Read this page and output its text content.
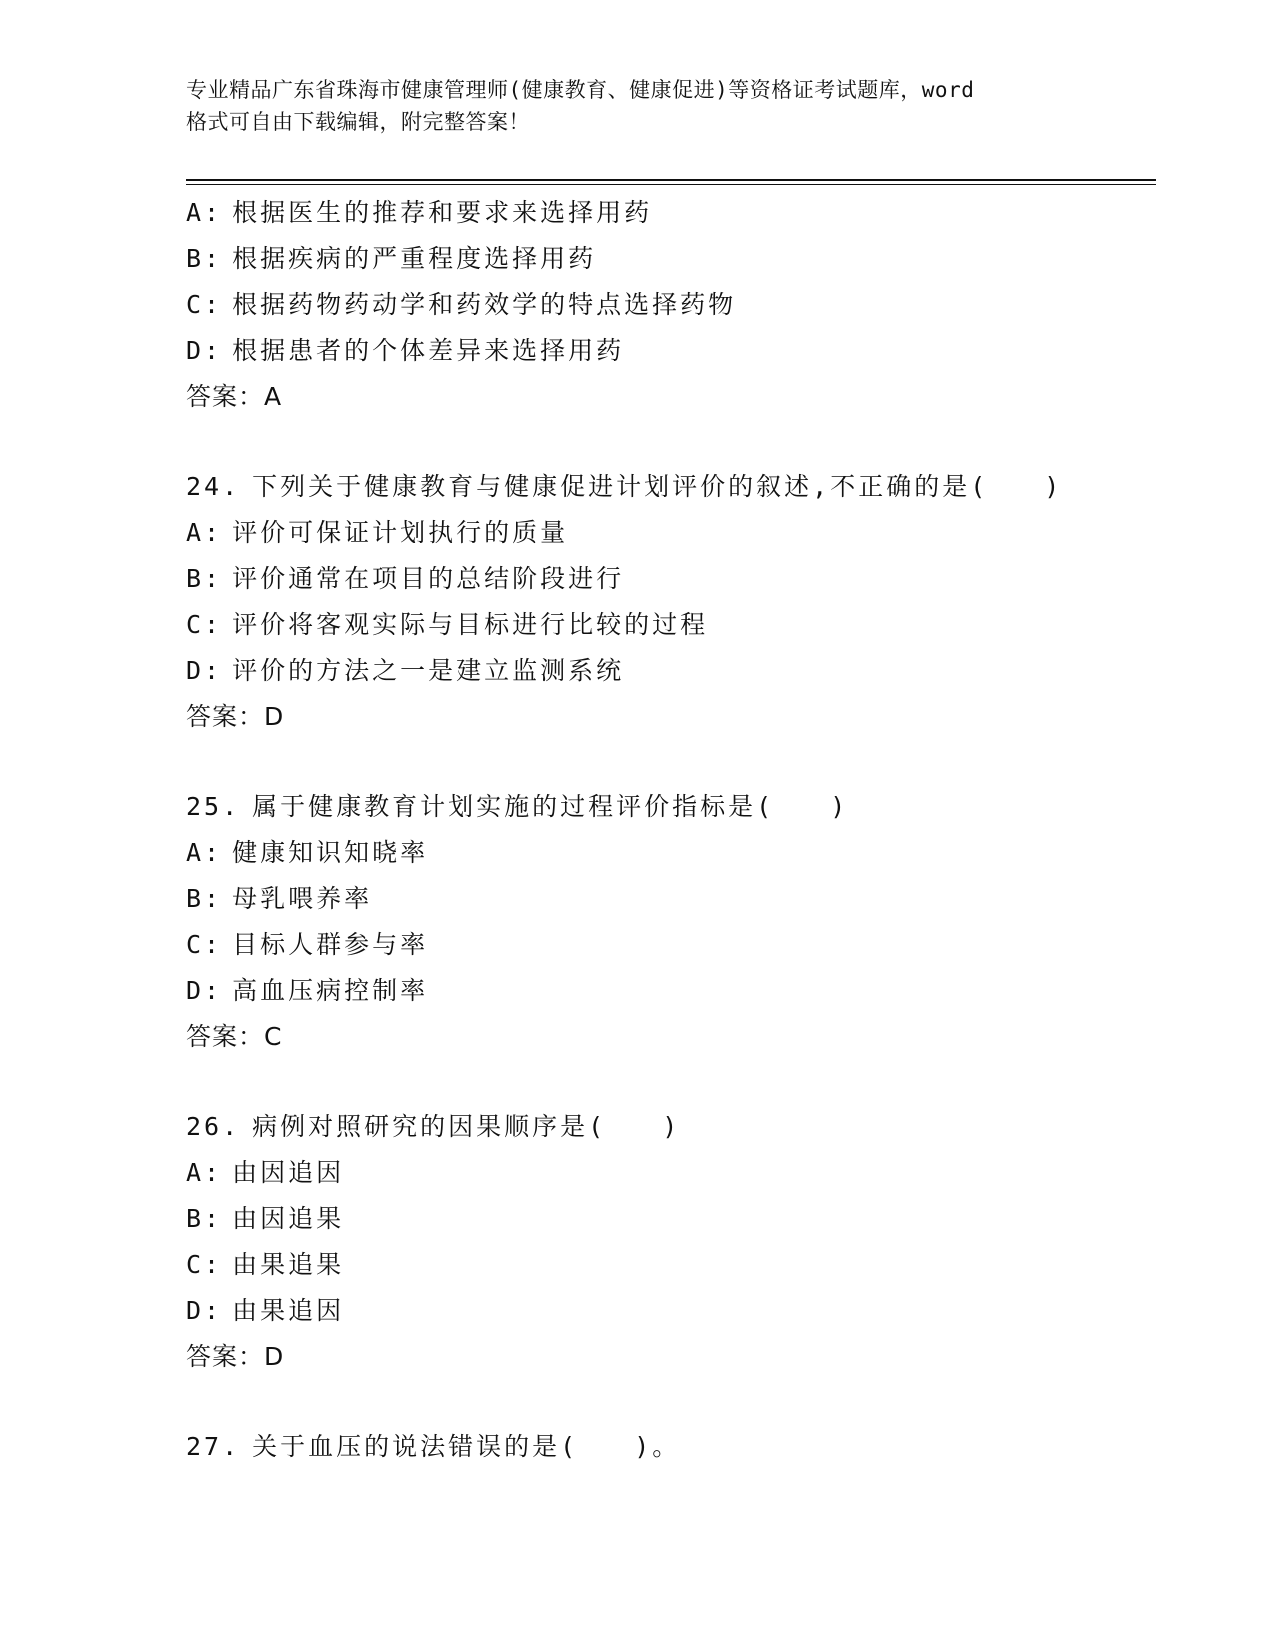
专业精品广东省珠海市健康管理师(健康教育、健康促进)等资格证考试题库，word
格式可自由下载编辑，附完整答案！
A: 根据医生的推荐和要求来选择用药
B: 根据疾病的严重程度选择用药
C: 根据药物药动学和药效学的特点选择药物
D: 根据患者的个体差异来选择用药
答案：A
24. 下列关于健康教育与健康促进计划评价的叙述,不正确的是(　　)
A: 评价可保证计划执行的质量
B: 评价通常在项目的总结阶段进行
C: 评价将客观实际与目标进行比较的过程
D: 评价的方法之一是建立监测系统
答案：D
25. 属于健康教育计划实施的过程评价指标是(　　)
A: 健康知识知晓率
B: 母乳喂养率
C: 目标人群参与率
D: 高血压病控制率
答案：C
26. 病例对照研究的因果顺序是(　　)
A: 由因追因
B: 由因追果
C: 由果追果
D: 由果追因
答案：D
27. 关于血压的说法错误的是(　　)。
